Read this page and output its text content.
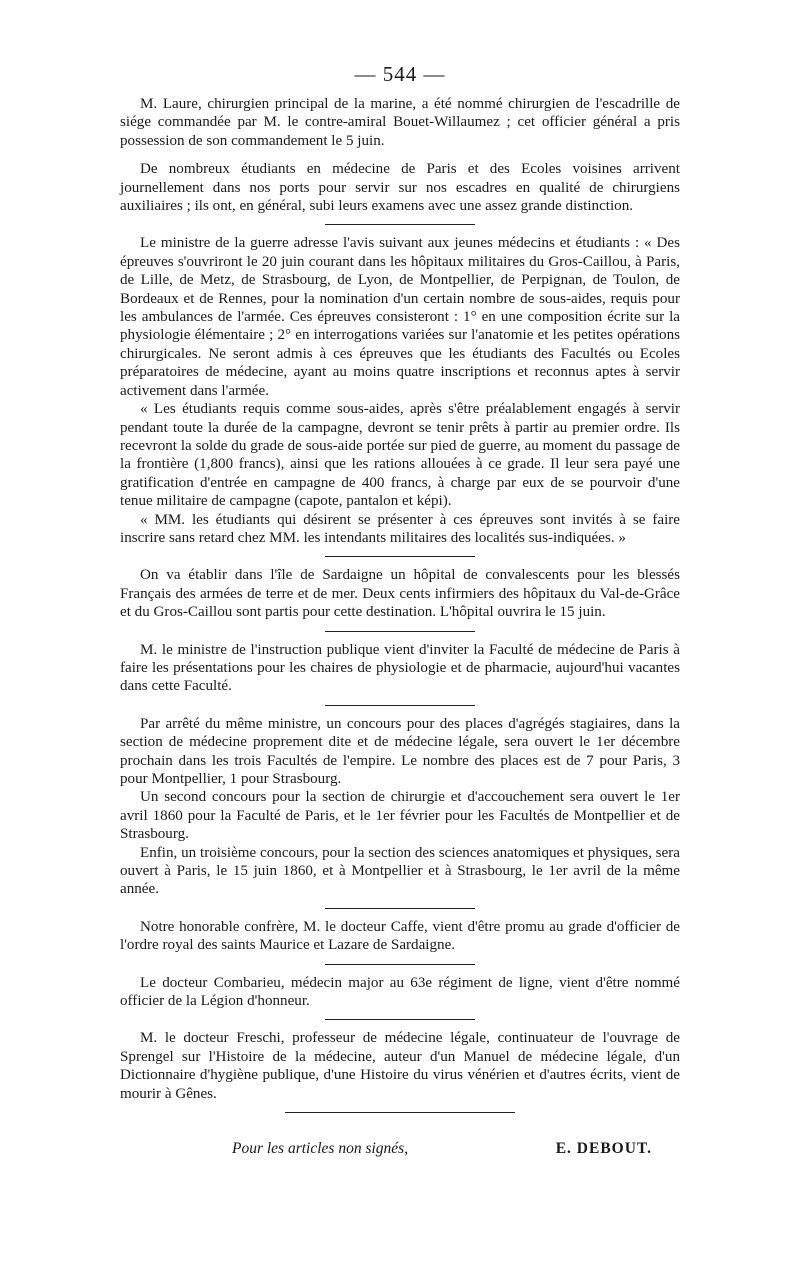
— 544 —

M. Laure, chirurgien principal de la marine, a été nommé chirurgien de l'escadrille de siége commandée par M. le contre-amiral Bouet-Willaumez ; cet officier général a pris possession de son commandement le 5 juin.

De nombreux étudiants en médecine de Paris et des Ecoles voisines arrivent journellement dans nos ports pour servir sur nos escadres en qualité de chirurgiens auxiliaires ; ils ont, en général, subi leurs examens avec une assez grande distinction.

Le ministre de la guerre adresse l'avis suivant aux jeunes médecins et étudiants : « Des épreuves s'ouvriront le 20 juin courant dans les hôpitaux militaires du Gros-Caillou, à Paris, de Lille, de Metz, de Strasbourg, de Lyon, de Montpellier, de Perpignan, de Toulon, de Bordeaux et de Rennes, pour la nomination d'un certain nombre de sous-aides, requis pour les ambulances de l'armée. Ces épreuves consisteront : 1° en une composition écrite sur la physiologie élémentaire ; 2° en interrogations variées sur l'anatomie et les petites opérations chirurgicales. Ne seront admis à ces épreuves que les étudiants des Facultés ou Ecoles préparatoires de médecine, ayant au moins quatre inscriptions et reconnus aptes à servir activement dans l'armée.

« Les étudiants requis comme sous-aides, après s'être préalablement engagés à servir pendant toute la durée de la campagne, devront se tenir prêts à partir au premier ordre. Ils recevront la solde du grade de sous-aide portée sur pied de guerre, au moment du passage de la frontière (1,800 francs), ainsi que les rations allouées à ce grade. Il leur sera payé une gratification d'entrée en campagne de 400 francs, à charge par eux de se pourvoir d'une tenue militaire de campagne (capote, pantalon et képi).

« MM. les étudiants qui désirent se présenter à ces épreuves sont invités à se faire inscrire sans retard chez MM. les intendants militaires des localités sus-indiquées. »

On va établir dans l'île de Sardaigne un hôpital de convalescents pour les blessés Français des armées de terre et de mer. Deux cents infirmiers des hôpitaux du Val-de-Grâce et du Gros-Caillou sont partis pour cette destination. L'hôpital ouvrira le 15 juin.

M. le ministre de l'instruction publique vient d'inviter la Faculté de médecine de Paris à faire les présentations pour les chaires de physiologie et de pharmacie, aujourd'hui vacantes dans cette Faculté.

Par arrêté du même ministre, un concours pour des places d'agrégés stagiaires, dans la section de médecine proprement dite et de médecine légale, sera ouvert le 1er décembre prochain dans les trois Facultés de l'empire. Le nombre des places est de 7 pour Paris, 3 pour Montpellier, 1 pour Strasbourg.

Un second concours pour la section de chirurgie et d'accouchement sera ouvert le 1er avril 1860 pour la Faculté de Paris, et le 1er février pour les Facultés de Montpellier et de Strasbourg.

Enfin, un troisième concours, pour la section des sciences anatomiques et physiques, sera ouvert à Paris, le 15 juin 1860, et à Montpellier et à Strasbourg, le 1er avril de la même année.

Notre honorable confrère, M. le docteur Caffe, vient d'être promu au grade d'officier de l'ordre royal des saints Maurice et Lazare de Sardaigne.

Le docteur Combarieu, médecin major au 63e régiment de ligne, vient d'être nommé officier de la Légion d'honneur.

M. le docteur Freschi, professeur de médecine légale, continuateur de l'ouvrage de Sprengel sur l'Histoire de la médecine, auteur d'un Manuel de médecine légale, d'un Dictionnaire d'hygiène publique, d'une Histoire du virus vénérien et d'autres écrits, vient de mourir à Gênes.

Pour les articles non signés,	E. DEBOUT.
